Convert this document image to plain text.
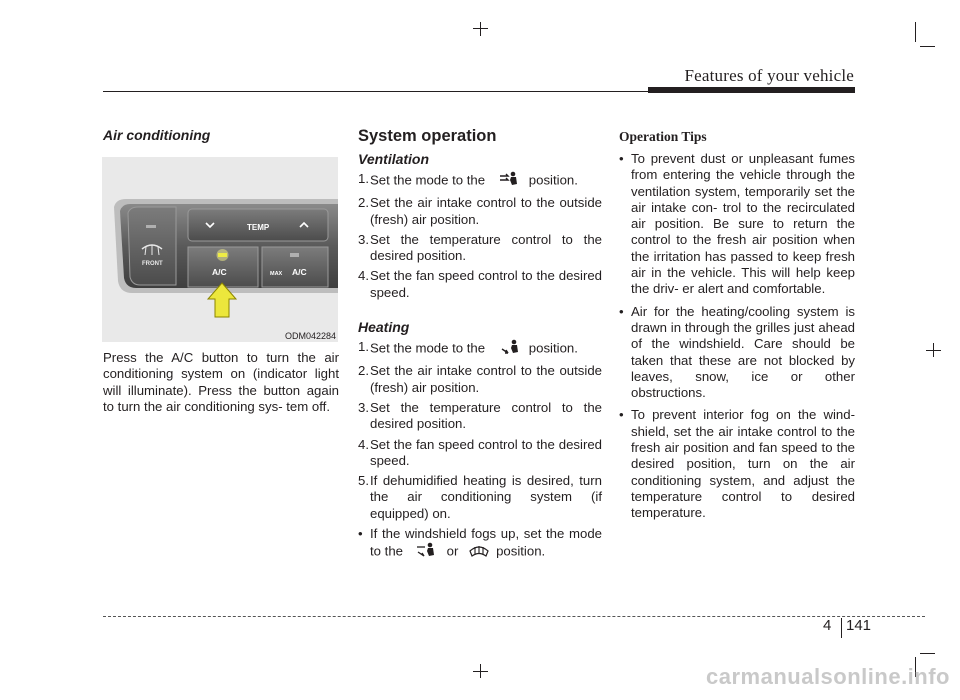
Features of your vehicle
Air conditioning
FRONT
TEMP
A/C	MAX A/C
ODM042284
Press the A/C button to turn the air conditioning system on (indicator light will illuminate). Press the button again to turn the air conditioning sys- tem off.
System operation
Ventilation
1. Set the mode to the	position.
2. Set the air intake control to the outside (fresh) air position.
3. Set the temperature control to the desired position.
4. Set the fan speed control to the desired speed.
Heating
1. Set the mode to the	position.
2. Set the air intake control to the outside (fresh) air position.
3. Set the temperature control to the desired position.
4. Set the fan speed control to the desired speed.
5. If dehumidified heating is desired, turn the air conditioning system (if equipped) on.
• If the windshield fogs up, set the mode to the	or	position.
Operation Tips
• To prevent dust or unpleasant fumes from entering the vehicle through the ventilation system, temporarily set the air intake con- trol to the recirculated air position. Be sure to return the control to the fresh air position when the irritation has passed to keep fresh air in the vehicle. This will help keep the driv- er alert and comfortable.
• Air for the heating/cooling system is drawn in through the grilles just ahead of the windshield. Care should be taken that these are not blocked by leaves, snow, ice or other obstructions.
• To prevent interior fog on the wind- shield, set the air intake control to the fresh air position and fan speed to the desired position, turn on the air conditioning system, and adjust the temperature control to desired temperature.
4 141
carmanualsonline.info
